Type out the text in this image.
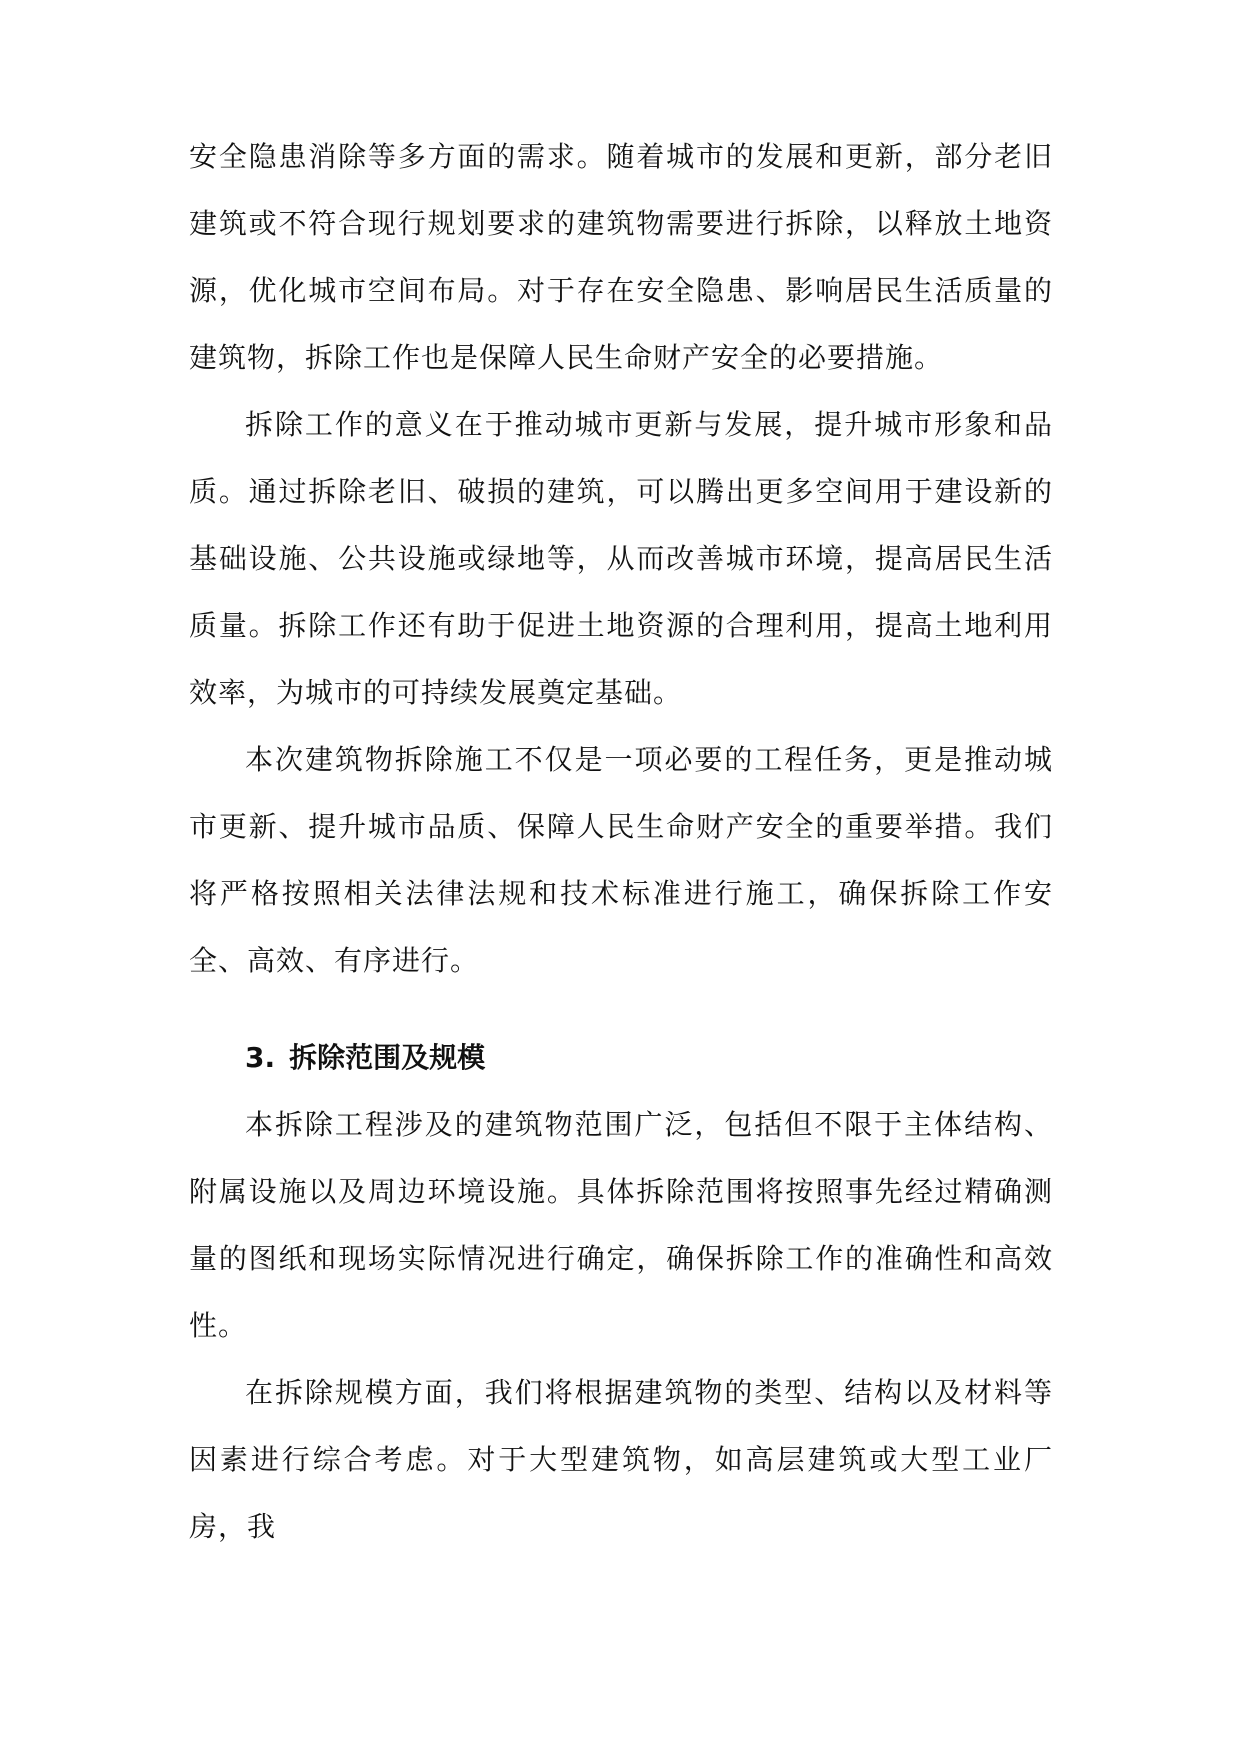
安全隐患消除等多方面的需求。随着城市的发展和更新，部分老旧建筑或不符合现行规划要求的建筑物需要进行拆除，以释放土地资源，优化城市空间布局。对于存在安全隐患、影响居民生活质量的建筑物，拆除工作也是保障人民生命财产安全的必要措施。

拆除工作的意义在于推动城市更新与发展，提升城市形象和品质。通过拆除老旧、破损的建筑，可以腾出更多空间用于建设新的基础设施、公共设施或绿地等，从而改善城市环境，提高居民生活质量。拆除工作还有助于促进土地资源的合理利用，提高土地利用效率，为城市的可持续发展奠定基础。

本次建筑物拆除施工不仅是一项必要的工程任务，更是推动城市更新、提升城市品质、保障人民生命财产安全的重要举措。我们将严格按照相关法律法规和技术标准进行施工，确保拆除工作安全、高效、有序进行。

3. 拆除范围及规模

本拆除工程涉及的建筑物范围广泛，包括但不限于主体结构、附属设施以及周边环境设施。具体拆除范围将按照事先经过精确测量的图纸和现场实际情况进行确定，确保拆除工作的准确性和高效性。

在拆除规模方面，我们将根据建筑物的类型、结构以及材料等因素进行综合考虑。对于大型建筑物，如高层建筑或大型工业厂房，我
